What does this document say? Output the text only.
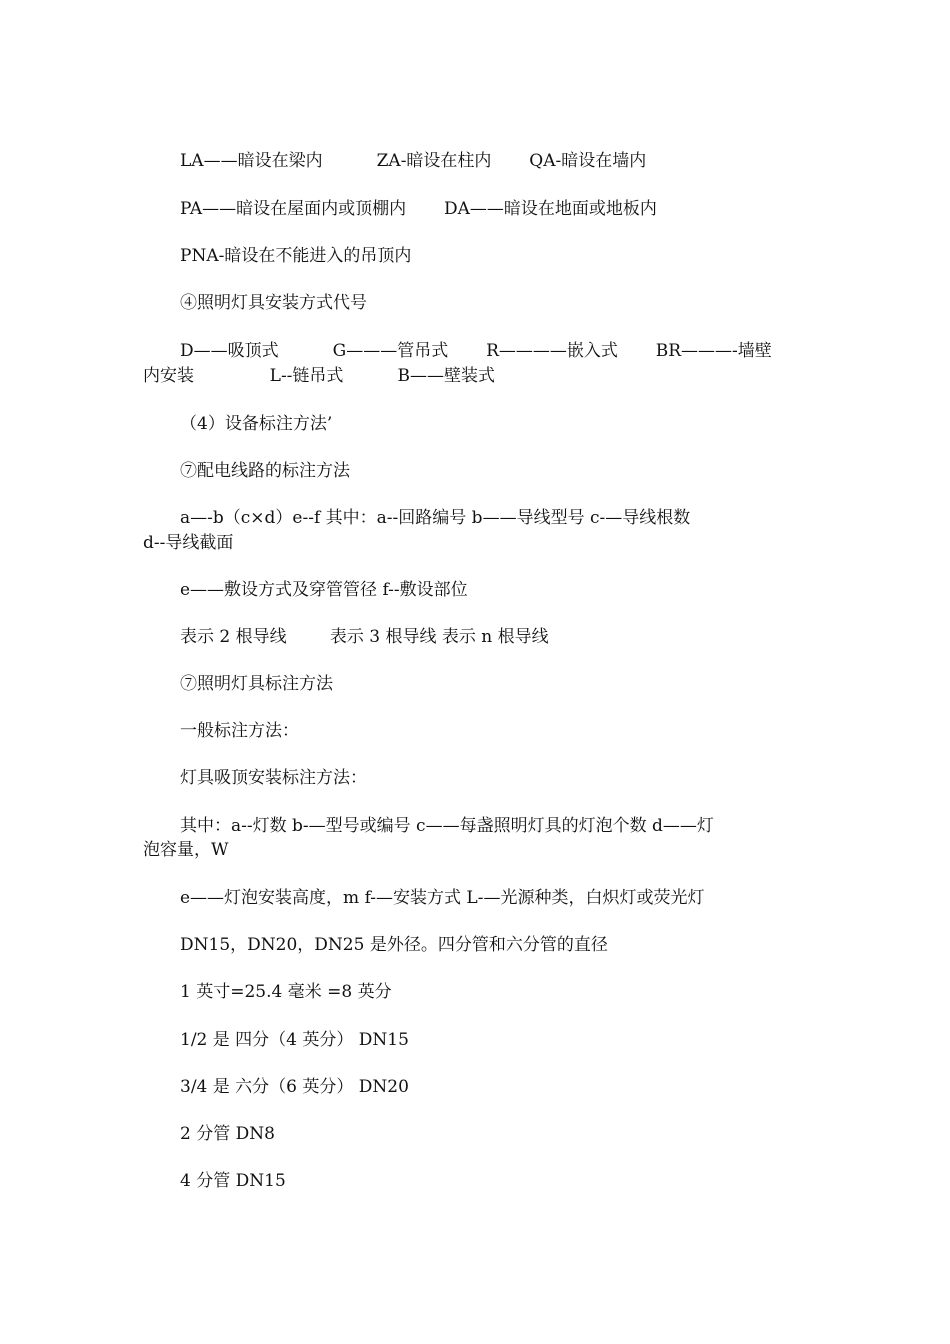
LA——暗设在梁内          ZA-暗设在柱内       QA-暗设在墙内

PA——暗设在屋面内或顶棚内       DA——暗设在地面或地板内

PNA-暗设在不能进入的吊顶内

④照明灯具安装方式代号

D——吸顶式          G———管吊式       R————嵌入式       BR———-墙壁

内安装              L--链吊式          B——壁装式

（4）设备标注方法’

⑦配电线路的标注方法

a—-b（c×d）e--f 其中：a--回路编号 b——导线型号 c-—导线根数

d--导线截面

e——敷设方式及穿管管径 f--敷设部位

表示 2 根导线        表示 3 根导线 表示 n 根导线

⑦照明灯具标注方法

一般标注方法：

灯具吸顶安装标注方法：

其中：a--灯数 b-—型号或编号 c——每盏照明灯具的灯泡个数 d——灯

泡容量，W

e——灯泡安装高度，m f-—安装方式 L-—光源种类，白炽灯或荧光灯

DN15，DN20，DN25 是外径。四分管和六分管的直径

1 英寸=25.4 毫米 =8 英分

1/2 是 四分（4 英分） DN15

3/4 是 六分（6 英分） DN20

2 分管 DN8

4 分管 DN15
